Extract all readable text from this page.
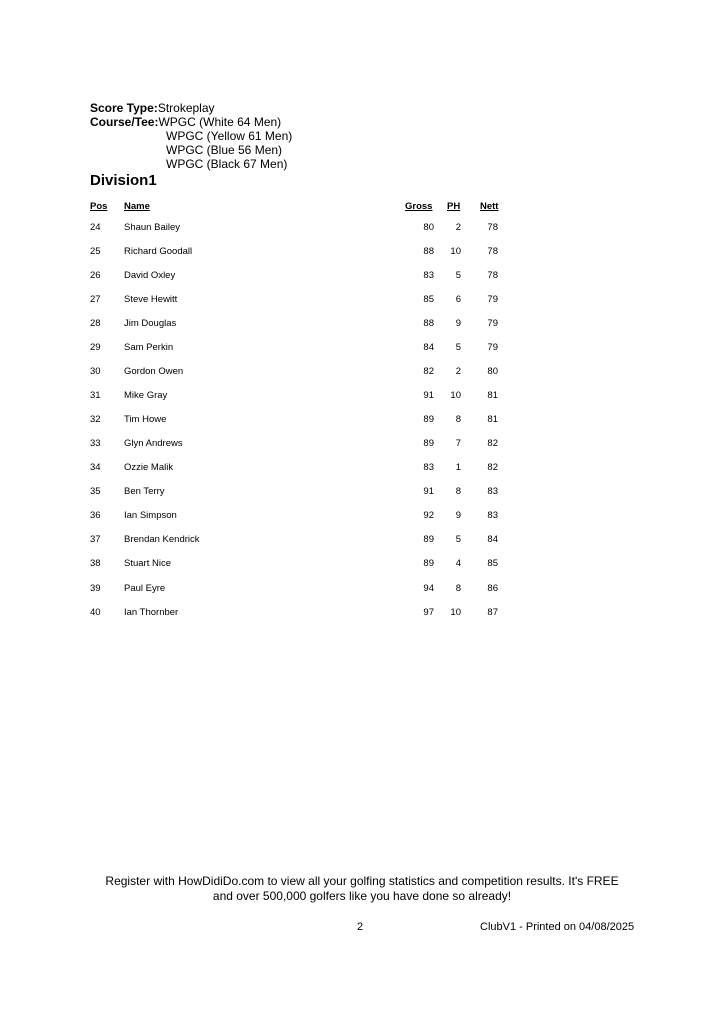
Score Type:Strokeplay
Course/Tee:WPGC (White 64 Men)
WPGC (Yellow 61 Men)
WPGC (Blue 56 Men)
WPGC (Black 67 Men)
Division1
Pos Name	Gross PH Nett
24 Shaun Bailey	80	2	78
25 Richard Goodall	88	10	78
26 David Oxley	83	5	78
27 Steve Hewitt	85	6	79
28 Jim Douglas	88	9	79
29 Sam Perkin	84	5	79
30 Gordon Owen	82	2	80
31 Mike Gray	91	10	81
32 Tim Howe	89	8	81
33 Glyn Andrews	89	7	82
34 Ozzie Malik	83	1	82
35 Ben Terry	91	8	83
36 Ian Simpson	92	9	83
37 Brendan Kendrick	89	5	84
38 Stuart Nice	89	4	85
39 Paul Eyre	94	8	86
40 Ian Thornber	97	10	87
Register with HowDidiDo.com to view all your golfing statistics and competition results. It's FREE
and over 500,000 golfers like you have done so already!
2	ClubV1 - Printed on 04/08/2025
